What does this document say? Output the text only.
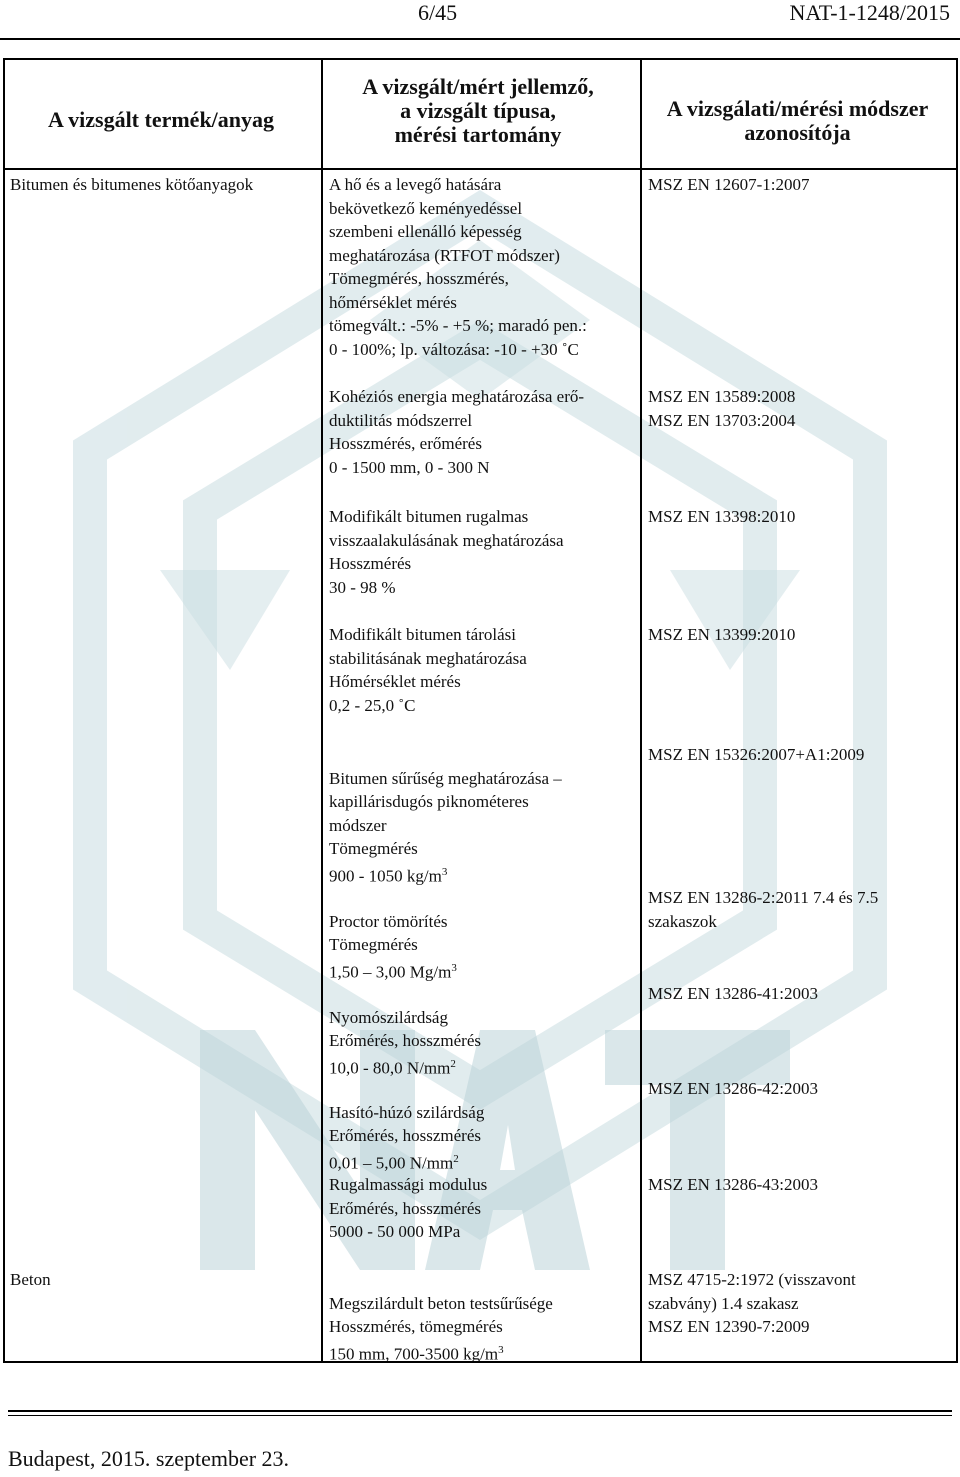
6/45	NAT-1-1248/2015
A vizsgált termék/anyag
A vizsgált/mért jellemző,
a vizsgált típusa,
mérési tartomány
A vizsgálati/mérési módszer
azonosítója
Bitumen és bitumenes kötőanyagok
Beton
A hő és a levegő hatására
bekövetkező keményedéssel
szembeni ellenálló képesség
meghatározása (RTFOT módszer)
Tömegmérés, hosszmérés,
hőmérséklet mérés
tömegvált.: -5% - +5 %; maradó pen.:
0 - 100%; lp. változása: -10 - +30 ˚C
MSZ EN 12607-1:2007
Kohéziós energia meghatározása erő-
duktilitás módszerrel
Hosszmérés, erőmérés
0 - 1500 mm, 0 - 300 N
MSZ EN 13589:2008
MSZ EN 13703:2004
Modifikált bitumen rugalmas
visszaalakulásának meghatározása
Hosszmérés
30 - 98 %
MSZ EN 13398:2010
Modifikált bitumen tárolási
stabilitásának meghatározása
Hőmérséklet mérés
0,2 - 25,0 ˚C
MSZ EN 13399:2010

Bitumen sűrűség meghatározása –
kapillárisdugós piknométeres
módszer
Tömegmérés

900 - 1050 $kg/m^3$

MSZ EN 15326:2007+A1:2009

Proctor tömörítés
Tömegmérés

1,50 – 3,00 $Mg/m^3$

MSZ EN 13286-2:2011 7.4 és 7.5
szakaszok

Nyomószilárdság
Erőmérés, hosszmérés

10,0 - 80,0 $N/mm^2$

MSZ EN 13286-41:2003

Hasító-húzó szilárdság
Erőmérés, hosszmérés

0,01 – 5,00 $N/mm^2$

MSZ EN 13286-42:2003
Rugalmassági modulus
Erőmérés, hosszmérés
5000 - 50 000 MPa
MSZ EN 13286-43:2003

Megszilárdult beton testsűrűsége
Hosszmérés, tömegmérés

150 mm, 700-3500 $kg/m^3$

MSZ 4715-2:1972 (visszavont
szabvány) 1.4 szakasz
MSZ EN 12390-7:2009
Budapest, 2015. szeptember 23.
